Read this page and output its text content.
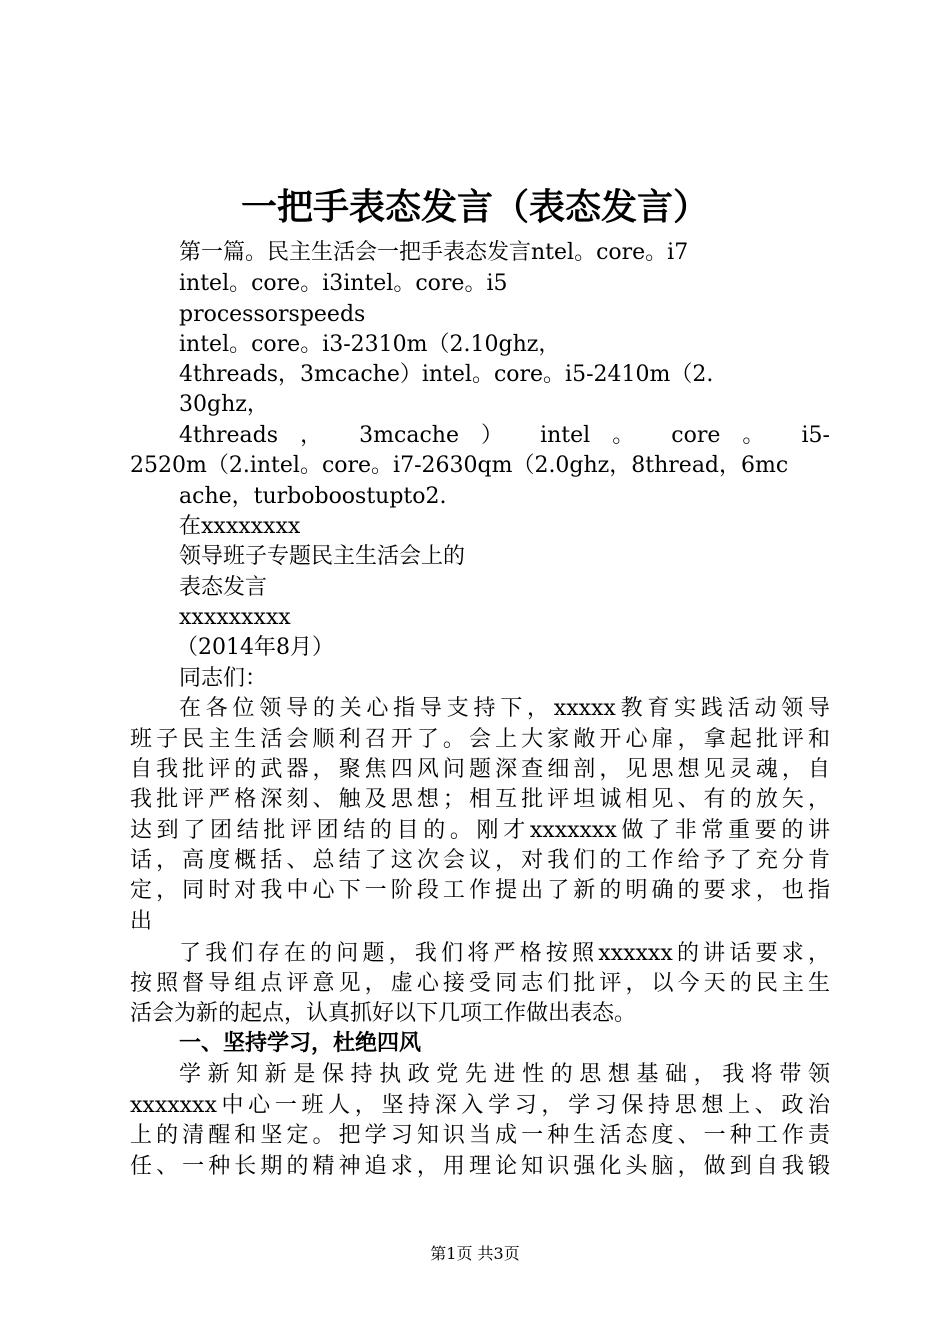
一把手表态发言（表态发言）
第一篇。民主生活会一把手表态发言ntel。core。i7
intel。core。i3intel。core。i5
processorspeeds
intel。core。i3-2310m（2.10ghz，
4threads，3mcache）intel。core。i5-2410m（2.
30ghz，
4threads ， 3mcache ） intel 。 core 。 i5-
2520m（2.intel。core。i7-2630qm（2.0ghz，8thread，6mc
ache，turboboostupto2.
在xxxxxxxx
领导班子专题民主生活会上的
表态发言
xxxxxxxxx
（2014年8月）
同志们：
在各位领导的关心指导支持下，xxxxx教育实践活动领导
班子民主生活会顺利召开了。会上大家敞开心扉，拿起批评和
自我批评的武器，聚焦四风问题深查细剖，见思想见灵魂，自
我批评严格深刻、触及思想；相互批评坦诚相见、有的放矢，
达到了团结批评团结的目的。刚才xxxxxxx做了非常重要的讲
话，高度概括、总结了这次会议，对我们的工作给予了充分肯
定，同时对我中心下一阶段工作提出了新的明确的要求，也指
出
了我们存在的问题，我们将严格按照xxxxxx的讲话要求，
按照督导组点评意见，虚心接受同志们批评，以今天的民主生
活会为新的起点，认真抓好以下几项工作做出表态。
一、坚持学习，杜绝四风
学新知新是保持执政党先进性的思想基础，我将带领
xxxxxxx中心一班人，坚持深入学习，学习保持思想上、政治
上的清醒和坚定。把学习知识当成一种生活态度、一种工作责
任、一种长期的精神追求，用理论知识强化头脑，做到自我锻
第1页 共3页
